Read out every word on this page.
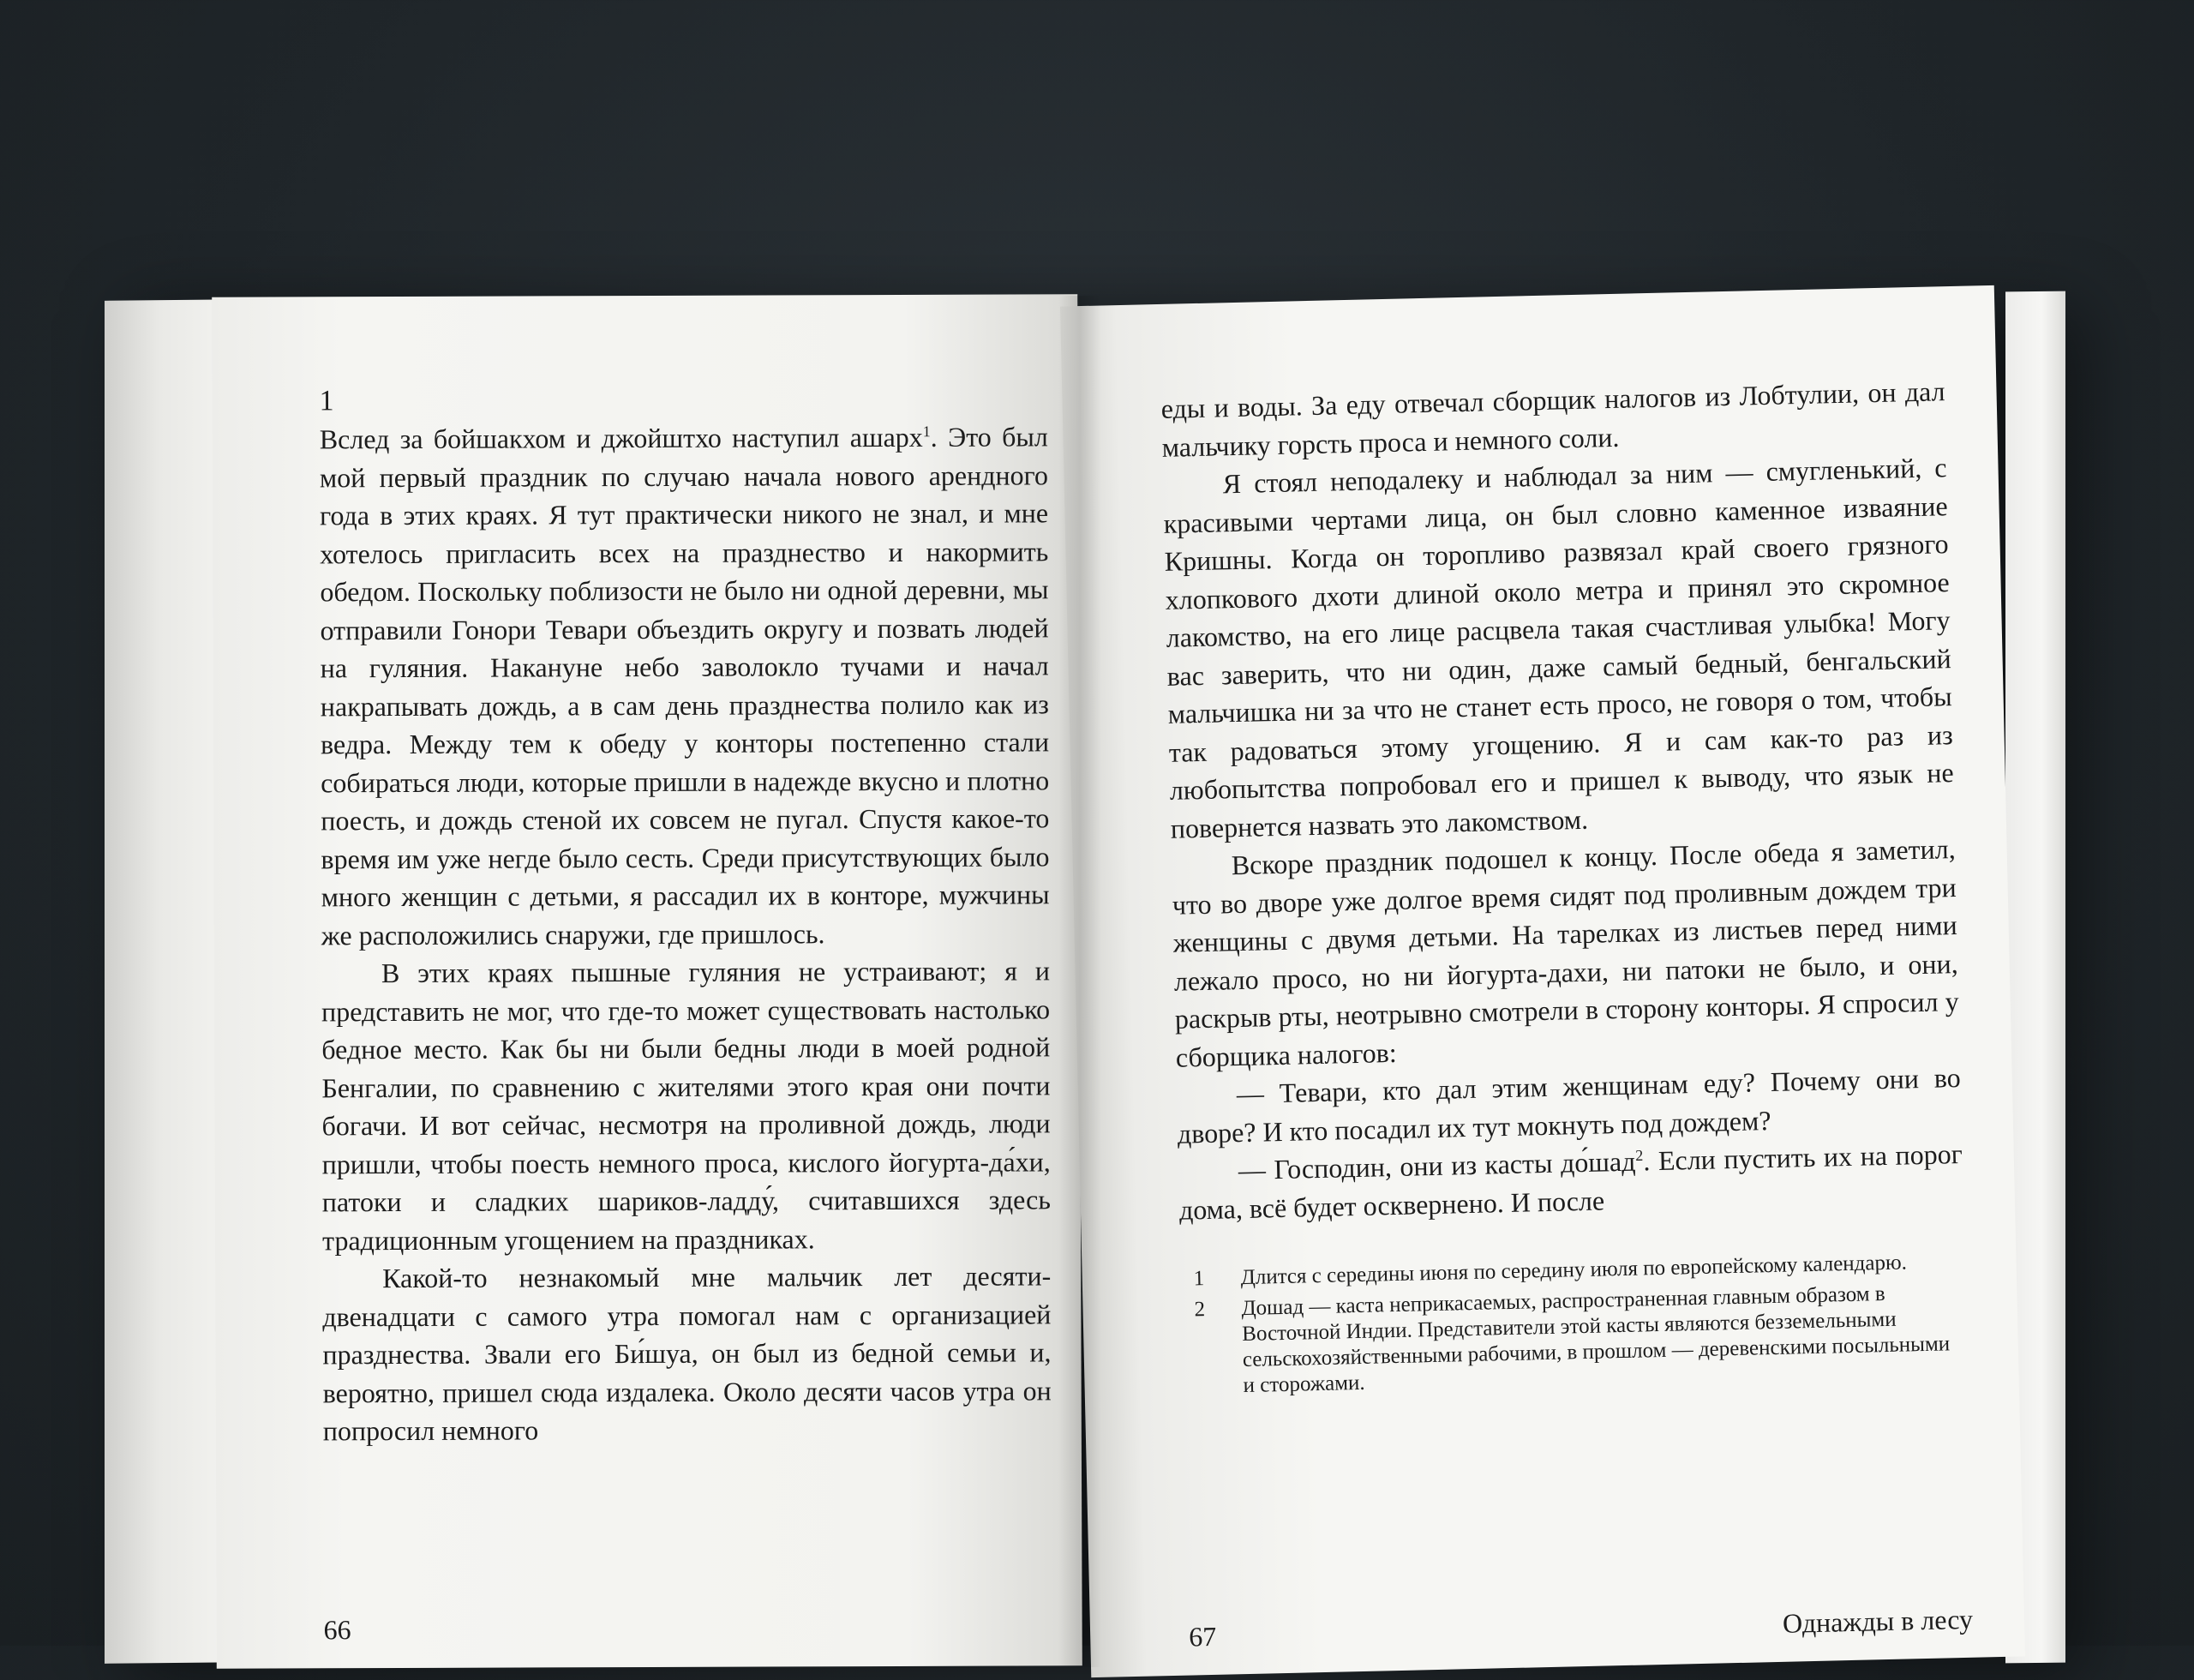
1

Вслед за бойшакхом и джойштхо наступил ашарх$^1$. Это был мой первый праздник по случаю начала нового арендного года в этих краях. Я тут практически никого не знал, и мне хотелось пригласить всех на празднество и накормить обедом. Поскольку поблизости не было ни одной деревни, мы отправили Гонори Тевари объездить округу и позвать людей на гуляния. Накануне небо заволокло тучами и начал накрапывать дождь, а в сам день празднества полило как из ведра. Между тем к обеду у конторы постепенно стали собираться люди, которые пришли в надежде вкусно и плотно поесть, и дождь стеной их совсем не пугал. Спустя какое-то время им уже негде было сесть. Среди присутствующих было много женщин с детьми, я рассадил их в конторе, мужчины же расположились снаружи, где пришлось.

В этих краях пышные гуляния не устраивают; я и представить не мог, что где-то может существовать настолько бедное место. Как бы ни были бедны люди в моей родной Бенгалии, по сравнению с жителями этого края они почти богачи. И вот сейчас, несмотря на проливной дождь, люди пришли, чтобы поесть немного проса, кислого йогурта-да́хи, патоки и сладких шариков-ладду́, считавшихся здесь традиционным угощением на праздниках.

Какой-то незнакомый мне мальчик лет десяти-двенадцати с самого утра помогал нам с организацией празднества. Звали его Би́шуа, он был из бедной семьи и, вероятно, пришел сюда издалека. Около десяти часов утра он попросил немного

66

еды и воды. За еду отвечал сборщик налогов из Лобтулии, он дал мальчику горсть проса и немного соли.

Я стоял неподалеку и наблюдал за ним — смугленький, с красивыми чертами лица, он был словно каменное изваяние Кришны. Когда он торопливо развязал край своего грязного хлопкового дхоти длиной около метра и принял это скромное лакомство, на его лице расцвела такая счастливая улыбка! Могу вас заверить, что ни один, даже самый бедный, бенгальский мальчишка ни за что не станет есть просо, не говоря о том, чтобы так радоваться этому угощению. Я и сам как-то раз из любопытства попробовал его и пришел к выводу, что язык не повернется назвать это лакомством.

Вскоре праздник подошел к концу. После обеда я заметил, что во дворе уже долгое время сидят под проливным дождем три женщины с двумя детьми. На тарелках из листьев перед ними лежало просо, но ни йогурта-дахи, ни патоки не было, и они, раскрыв рты, неотрывно смотрели в сторону конторы. Я спросил у сборщика налогов:

— Тевари, кто дал этим женщинам еду? Почему они во дворе? И кто посадил их тут мокнуть под дождем?

— Господин, они из касты до́шад$^2$. Если пустить их на порог дома, всё будет осквернено. И после

1	Длится с середины июня по середину июля по европейскому календарю.
2	Дошад — каста неприкасаемых, распространенная главным образом в Восточной Индии. Представители этой касты являются безземельными сельскохозяйственными рабочими, в прошлом — деревенскими посыльными и сторожами.
67	Однажды в лесу
